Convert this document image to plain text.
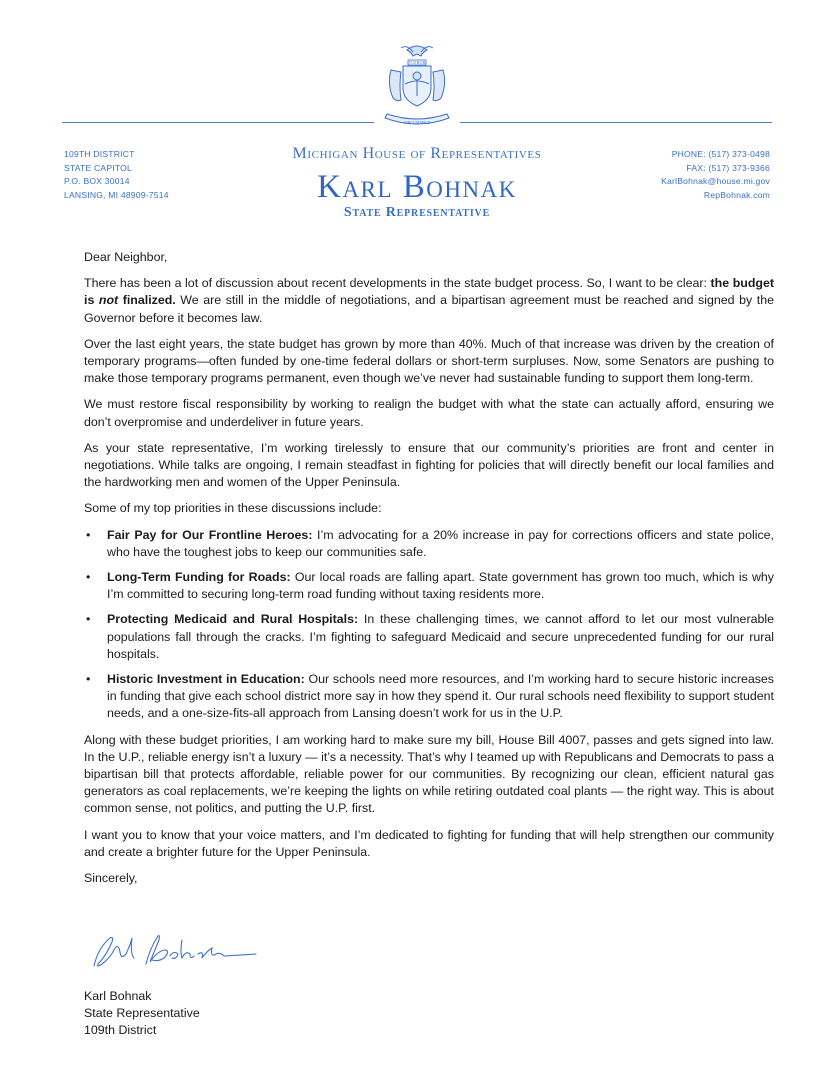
TUEBOR
CIRCUMSPICE
109TH DISTRICT
STATE CAPITOL
P.O. BOX 30014
LANSING, MI 48909-7514
PHONE: (517) 373-0498
FAX: (517) 373-9366
KarlBohnak@house.mi.gov
RepBohnak.com
Michigan House of Representatives
Karl Bohnak
State Representative

Dear Neighbor,

There has been a lot of discussion about recent developments in the state budget process. So, I want to be clear: the budget is not finalized. We are still in the middle of negotiations, and a bipartisan agreement must be reached and signed by the Governor before it becomes law.

Over the last eight years, the state budget has grown by more than 40%. Much of that increase was driven by the creation of temporary programs—often funded by one-time federal dollars or short-term surpluses. Now, some Senators are pushing to make those temporary programs permanent, even though we’ve never had sustainable funding to support them long-term.

We must restore fiscal responsibility by working to realign the budget with what the state can actually afford, ensuring we don’t overpromise and underdeliver in future years.

As your state representative, I’m working tirelessly to ensure that our community’s priorities are front and center in negotiations. While talks are ongoing, I remain steadfast in fighting for policies that will directly benefit our local families and the hardworking men and women of the Upper Peninsula.

Some of my top priorities in these discussions include:

• Fair Pay for Our Frontline Heroes: I’m advocating for a 20% increase in pay for corrections officers and state police, who have the toughest jobs to keep our communities safe.
• Long-Term Funding for Roads: Our local roads are falling apart. State government has grown too much, which is why I’m committed to securing long-term road funding without taxing residents more.
• Protecting Medicaid and Rural Hospitals: In these challenging times, we cannot afford to let our most vulnerable populations fall through the cracks. I’m fighting to safeguard Medicaid and secure unprecedented funding for our rural hospitals.
• Historic Investment in Education: Our schools need more resources, and I’m working hard to secure historic increases in funding that give each school district more say in how they spend it. Our rural schools need flexibility to support student needs, and a one-size-fits-all approach from Lansing doesn’t work for us in the U.P.

Along with these budget priorities, I am working hard to make sure my bill, House Bill 4007, passes and gets signed into law. In the U.P., reliable energy isn’t a luxury — it’s a necessity. That’s why I teamed up with Republicans and Democrats to pass a bipartisan bill that protects affordable, reliable power for our communities. By recognizing our clean, efficient natural gas generators as coal replacements, we’re keeping the lights on while retiring outdated coal plants — the right way. This is about common sense, not politics, and putting the U.P. first.

I want you to know that your voice matters, and I’m dedicated to fighting for funding that will help strengthen our community and create a brighter future for the Upper Peninsula.

Sincerely,

Karl Bohnak
State Representative
109th District
